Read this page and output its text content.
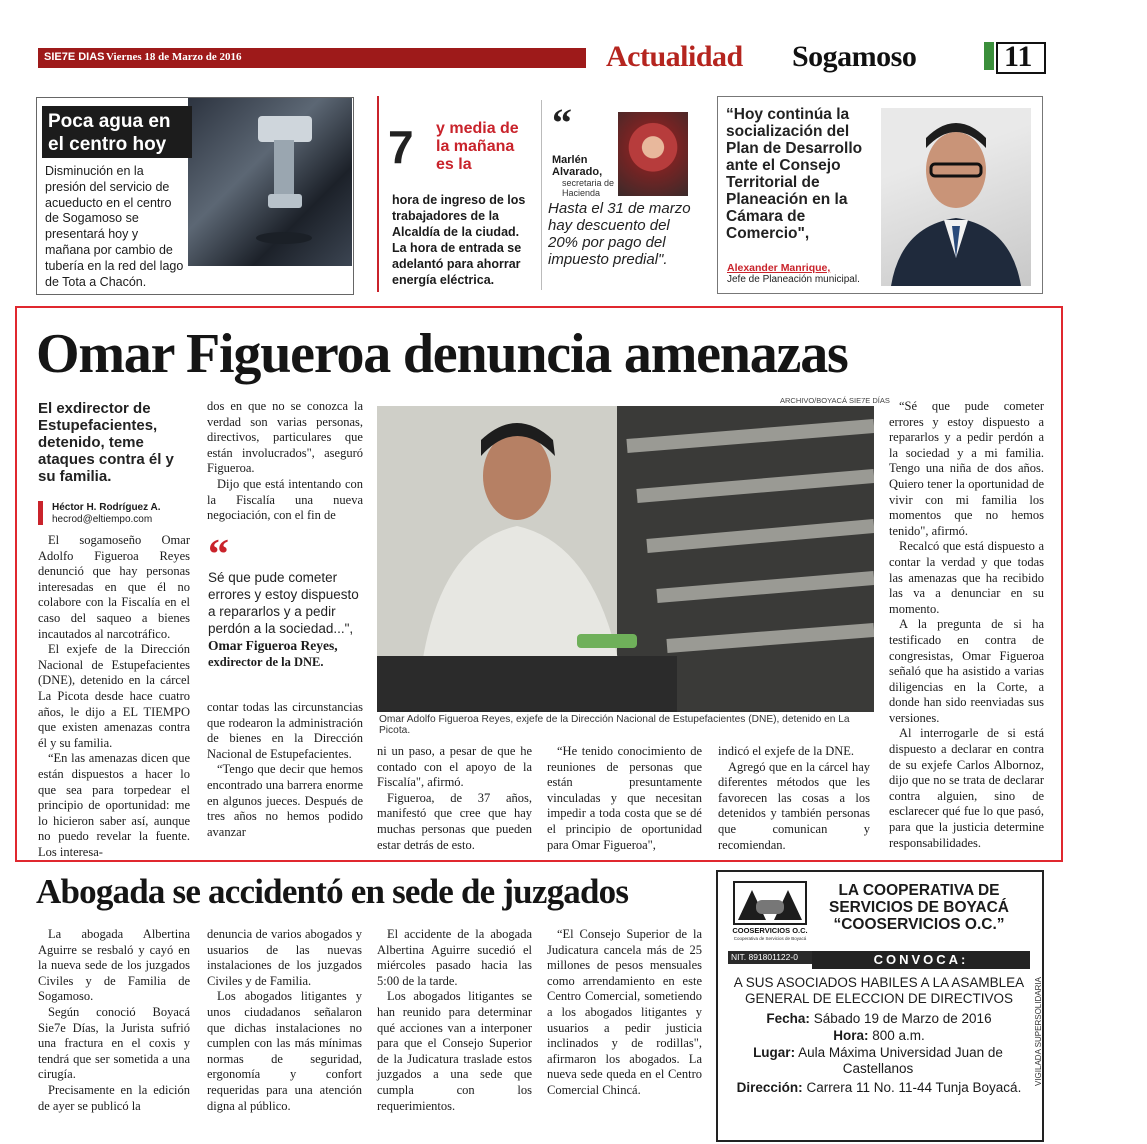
SIE7E DIAS Viernes 18 de Marzo de 2016	Actualidad Sogamoso	11
Poca agua en el centro hoy
Disminución en la presión del servicio de acueducto en el centro de Sogamoso se presentará hoy y mañana por cambio de tubería en la red del lago de Tota a Chacón.
7 y media de la mañana es la
hora de ingreso de los trabajadores de la Alcaldía de la ciudad. La hora de entrada se adelantó para ahorrar energía eléctrica.
“
Marlén Alvarado,
secretaria de Hacienda
Hasta el 31 de marzo hay descuento del 20% por pago del impuesto predial".
“Hoy continúa la socialización del Plan de Desarrollo ante el Consejo Territorial de Planeación en la Cámara de Comercio",
Alexander Manrique,
Jefe de Planeación municipal.
Omar Figueroa denuncia amenazas
El exdirector de Estupefacientes, detenido, teme ataques contra él y su familia.
Héctor H. Rodríguez A.
hecrod@eltiempo.com

El sogamoseño Omar Adolfo Figueroa Reyes denunció que hay personas interesadas en que él no colabore con la Fiscalía en el caso del saqueo a bienes incautados al narcotráfico.

El exjefe de la Dirección Nacional de Estupefacientes (DNE), detenido en la cárcel La Picota desde hace cuatro años, le dijo a EL TIEMPO que existen amenazas contra él y su familia.

“En las amenazas dicen que están dispuestos a hacer lo que sea para torpedear el principio de oportunidad: me lo hicieron saber así, aunque no puedo revelar la fuente. Los interesa-

dos en que no se conozca la verdad son varias personas, directivos, particulares que están involucrados", aseguró Figueroa.

Dijo que está intentando con la Fiscalía una nueva negociación, con el fin de

“
Sé que pude cometer errores y estoy dispuesto a repararlos y a pedir perdón a la sociedad...",
Omar Figueroa Reyes,
exdirector de la DNE.

contar todas las circunstancias que rodearon la administración de bienes en la Dirección Nacional de Estupefacientes.

“Tengo que decir que hemos encontrado una barrera enorme en algunos jueces. Después de tres años no hemos podido avanzar

ARCHIVO/BOYACÁ SIE7E DÍAS
Omar Adolfo Figueroa Reyes, exjefe de la Dirección Nacional de Estupefacientes (DNE), detenido en La Picota.

ni un paso, a pesar de que he contado con el apoyo de la Fiscalía", afirmó.

Figueroa, de 37 años, manifestó que cree que hay muchas personas que pueden estar detrás de esto.

“He tenido conocimiento de reuniones de personas que están presuntamente vinculadas y que necesitan impedir a toda costa que se dé el principio de oportunidad para Omar Figueroa",

indicó el exjefe de la DNE.

Agregó que en la cárcel hay diferentes métodos que les favorecen las cosas a los detenidos y también personas que comunican y recomiendan.

“Sé que pude cometer errores y estoy dispuesto a repararlos y a pedir perdón a la sociedad y a mi familia. Tengo una niña de dos años. Quiero tener la oportunidad de vivir con mi familia los momentos que no hemos tenido", afirmó.

Recalcó que está dispuesto a contar la verdad y que todas las amenazas que ha recibido las va a denunciar en su momento.

A la pregunta de si ha testificado en contra de congresistas, Omar Figueroa señaló que ha asistido a varias diligencias en la Corte, a donde han sido reenviadas sus versiones.

Al interrogarle de si está dispuesto a declarar en contra de su exjefe Carlos Albornoz, dijo que no se trata de declarar contra alguien, sino de esclarecer qué fue lo que pasó, para que la justicia determine responsabilidades.

Abogada se accidentó en sede de juzgados

La abogada Albertina Aguirre se resbaló y cayó en la nueva sede de los juzgados Civiles y de Familia de Sogamoso.

Según conoció Boyacá Sie7e Días, la Jurista sufrió una fractura en el coxis y tendrá que ser sometida a una cirugía.

Precisamente en la edición de ayer se publicó la

denuncia de varios abogados y usuarios de las nuevas instalaciones de los juzgados Civiles y de Familia.

Los abogados litigantes y unos ciudadanos señalaron que dichas instalaciones no cumplen con las más mínimas normas de seguridad, ergonomía y confort requeridas para una atención digna al público.

El accidente de la abogada Albertina Aguirre sucedió el miércoles pasado hacia las 5:00 de la tarde.

Los abogados litigantes se han reunido para determinar qué acciones van a interponer para que el Consejo Superior de la Judicatura traslade estos juzgados a una sede que cumpla con los requerimientos.

“El Consejo Superior de la Judicatura cancela más de 25 millones de pesos mensuales como arrendamiento en este Centro Comercial, sometiendo a los abogados litigantes y usuarios a pedir justicia inclinados y de rodillas", afirmaron los abogados. La nueva sede queda en el Centro Comercial Chincá.

COOSERVICIOS O.C.
Cooperativa de Servicios de Boyacá
LA COOPERATIVA DE SERVICIOS DE BOYACÁ “COOSERVICIOS O.C.”
NIT. 891801122-0	CONVOCA:
A SUS ASOCIADOS HABILES A LA ASAMBLEA GENERAL DE ELECCION DE DIRECTIVOS
Fecha: Sábado 19 de Marzo de 2016
Hora: 800 a.m.
Lugar: Aula Máxima Universidad Juan de Castellanos
Dirección: Carrera 11 No. 11-44 Tunja Boyacá.
VIGILADA SUPERSOLIDARIA
